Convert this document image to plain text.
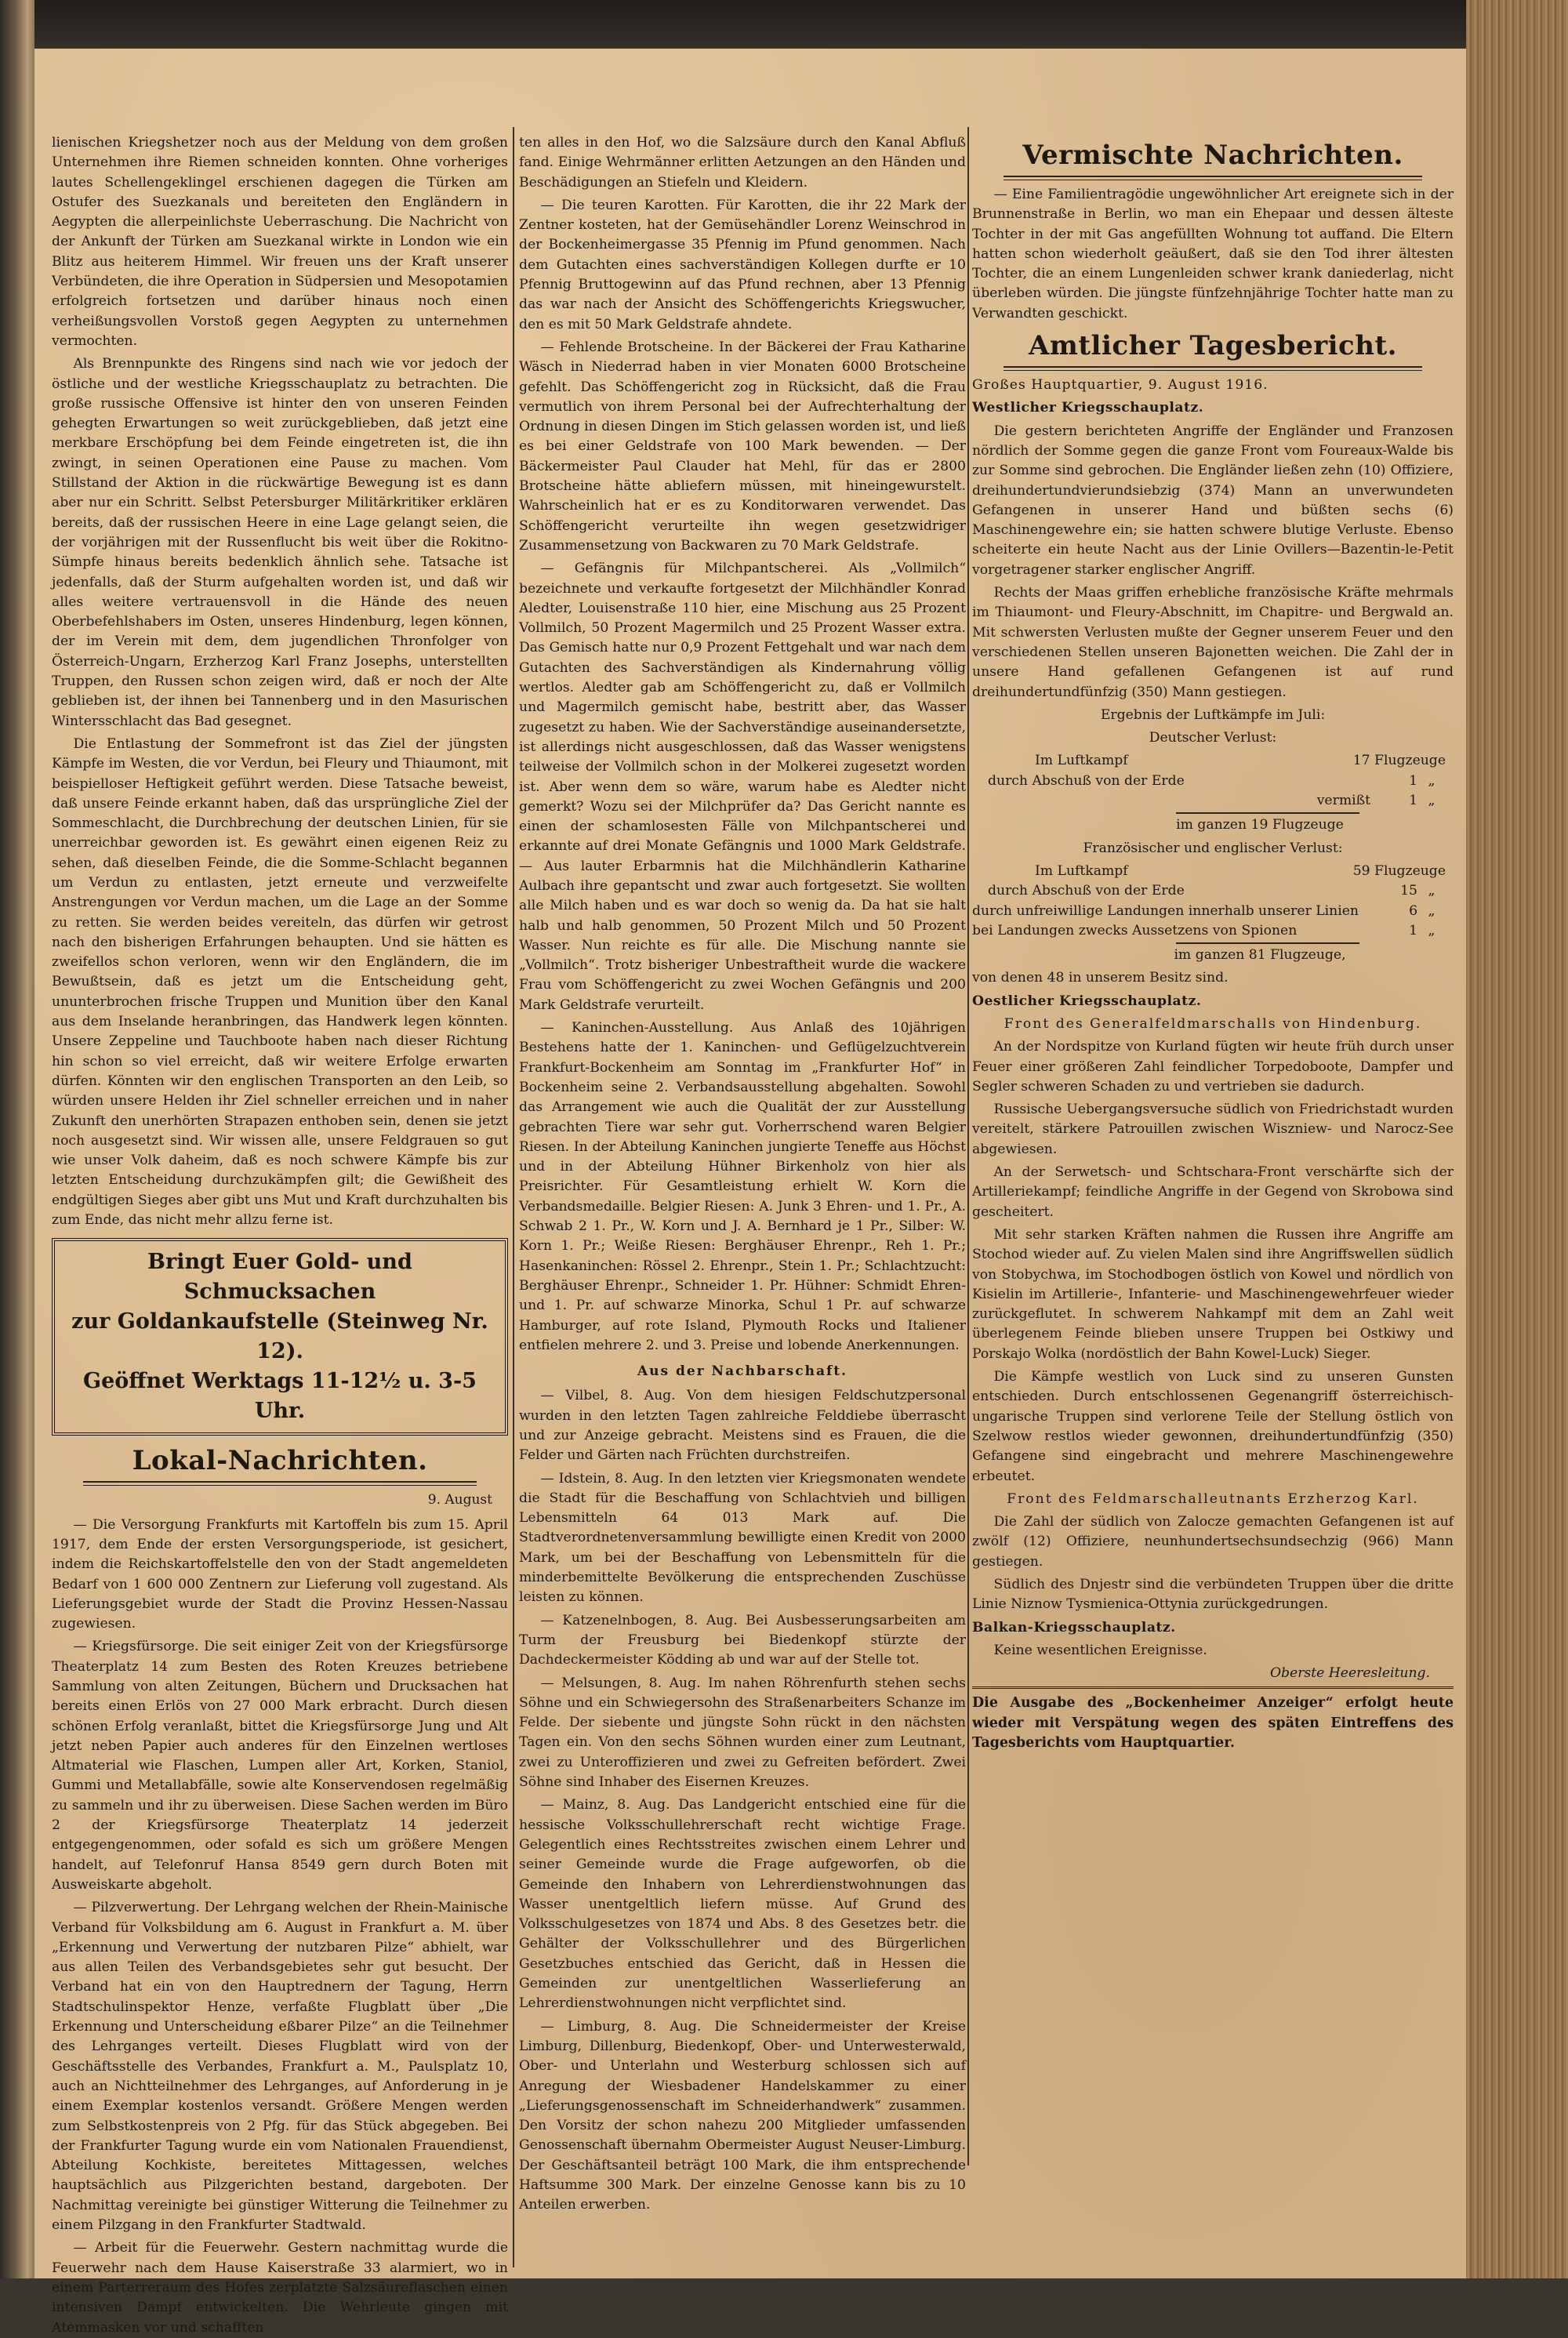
lienischen Kriegshetzer noch aus der Meldung von dem großen Unternehmen ihre Riemen schneiden konnten. Ohne vorheriges lautes Schellengeklingel erschienen dagegen die Türken am Ostufer des Suezkanals und bereiteten den Engländern in Aegypten die allerpeinlichste Ueberraschung. Die Nachricht von der Ankunft der Türken am Suezkanal wirkte in London wie ein Blitz aus heiterem Himmel. Wir freuen uns der Kraft unserer Verbündeten, die ihre Operation in Südpersien und Mesopotamien erfolgreich fortsetzen und darüber hinaus noch einen verheißungsvollen Vorstoß gegen Aegypten zu unternehmen vermochten.

Als Brennpunkte des Ringens sind nach wie vor jedoch der östliche und der westliche Kriegsschauplatz zu betrachten. Die große russische Offensive ist hinter den von unseren Feinden gehegten Erwartungen so weit zurückgeblieben, daß jetzt eine merkbare Erschöpfung bei dem Feinde eingetreten ist, die ihn zwingt, in seinen Operationen eine Pause zu machen. Vom Stillstand der Aktion in die rückwärtige Bewegung ist es dann aber nur ein Schritt. Selbst Petersburger Militärkritiker erklären bereits, daß der russischen Heere in eine Lage gelangt seien, die der vorjährigen mit der Russenflucht bis weit über die Rokitno-Sümpfe hinaus bereits bedenklich ähnlich sehe. Tatsache ist jedenfalls, daß der Sturm aufgehalten worden ist, und daß wir alles weitere vertrauensvoll in die Hände des neuen Oberbefehlshabers im Osten, unseres Hindenburg, legen können, der im Verein mit dem, dem jugendlichen Thronfolger von Österreich-Ungarn, Erzherzog Karl Franz Josephs, unterstellten Truppen, den Russen schon zeigen wird, daß er noch der Alte geblieben ist, der ihnen bei Tannenberg und in den Masurischen Wintersschlacht das Bad gesegnet.

Die Entlastung der Sommefront ist das Ziel der jüngsten Kämpfe im Westen, die vor Verdun, bei Fleury und Thiaumont, mit beispielloser Heftigkeit geführt werden. Diese Tatsache beweist, daß unsere Feinde erkannt haben, daß das ursprüngliche Ziel der Sommeschlacht, die Durchbrechung der deutschen Linien, für sie unerreichbar geworden ist. Es gewährt einen eigenen Reiz zu sehen, daß dieselben Feinde, die die Somme-Schlacht begannen um Verdun zu entlasten, jetzt erneute und verzweifelte Anstrengungen vor Verdun machen, um die Lage an der Somme zu retten. Sie werden beides vereiteln, das dürfen wir getrost nach den bisherigen Erfahrungen behaupten. Und sie hätten es zweifellos schon verloren, wenn wir den Engländern, die im Bewußtsein, daß es jetzt um die Entscheidung geht, ununterbrochen frische Truppen und Munition über den Kanal aus dem Inselande heranbringen, das Handwerk legen könnten. Unsere Zeppeline und Tauchboote haben nach dieser Richtung hin schon so viel erreicht, daß wir weitere Erfolge erwarten dürfen. Könnten wir den englischen Transporten an den Leib, so würden unsere Helden ihr Ziel schneller erreichen und in naher Zukunft den unerhörten Strapazen enthoben sein, denen sie jetzt noch ausgesetzt sind. Wir wissen alle, unsere Feldgrauen so gut wie unser Volk daheim, daß es noch schwere Kämpfe bis zur letzten Entscheidung durchzukämpfen gilt; die Gewißheit des endgültigen Sieges aber gibt uns Mut und Kraft durchzuhalten bis zum Ende, das nicht mehr allzu ferne ist.

Bringt Euer Gold- und Schmucksachen
zur Goldankaufstelle (Steinweg Nr. 12).
Geöffnet Werktags 11-12½ u. 3-5 Uhr.
Lokal-Nachrichten.
9. August

— Die Versorgung Frankfurts mit Kartoffeln bis zum 15. April 1917, dem Ende der ersten Versorgungsperiode, ist gesichert, indem die Reichskartoffelstelle den von der Stadt angemeldeten Bedarf von 1 600 000 Zentnern zur Lieferung voll zugestand. Als Lieferungsgebiet wurde der Stadt die Provinz Hessen-Nassau zugewiesen.

— Kriegsfürsorge. Die seit einiger Zeit von der Kriegsfürsorge Theaterplatz 14 zum Besten des Roten Kreuzes betriebene Sammlung von alten Zeitungen, Büchern und Drucksachen hat bereits einen Erlös von 27 000 Mark erbracht. Durch diesen schönen Erfolg veranlaßt, bittet die Kriegsfürsorge Jung und Alt jetzt neben Papier auch anderes für den Einzelnen wertloses Altmaterial wie Flaschen, Lumpen aller Art, Korken, Staniol, Gummi und Metallabfälle, sowie alte Konservendosen regelmäßig zu sammeln und ihr zu überweisen. Diese Sachen werden im Büro 2 der Kriegsfürsorge Theaterplatz 14 jederzeit entgegengenommen, oder sofald es sich um größere Mengen handelt, auf Telefonruf Hansa 8549 gern durch Boten mit Ausweiskarte abgeholt.

— Pilzverwertung. Der Lehrgang welchen der Rhein-Mainische Verband für Volksbildung am 6. August in Frankfurt a. M. über „Erkennung und Verwertung der nutzbaren Pilze“ abhielt, war aus allen Teilen des Verbandsgebietes sehr gut besucht. Der Verband hat ein von den Hauptrednern der Tagung, Herrn Stadtschulinspektor Henze, verfaßte Flugblatt über „Die Erkennung und Unterscheidung eßbarer Pilze“ an die Teilnehmer des Lehrganges verteilt. Dieses Flugblatt wird von der Geschäftsstelle des Verbandes, Frankfurt a. M., Paulsplatz 10, auch an Nichtteilnehmer des Lehrganges, auf Anforderung in je einem Exemplar kostenlos versandt. Größere Mengen werden zum Selbstkostenpreis von 2 Pfg. für das Stück abgegeben. Bei der Frankfurter Tagung wurde ein vom Nationalen Frauendienst, Abteilung Kochkiste, bereitetes Mittagessen, welches hauptsächlich aus Pilzgerichten bestand, dargeboten. Der Nachmittag vereinigte bei günstiger Witterung die Teilnehmer zu einem Pilzgang in den Frankfurter Stadtwald.

— Arbeit für die Feuerwehr. Gestern nachmittag wurde die Feuerwehr nach dem Hause Kaiserstraße 33 alarmiert, wo in einem Parterreraum des Hofes zerplatzte Salzsäureflaschen einen intensiven Dampf entwickelten. Die Wehrleute gingen mit Atemmasken vor und schafften

ten alles in den Hof, wo die Salzsäure durch den Kanal Abfluß fand. Einige Wehrmänner erlitten Aetzungen an den Händen und Beschädigungen an Stiefeln und Kleidern.

— Die teuren Karotten. Für Karotten, die ihr 22 Mark der Zentner kosteten, hat der Gemüsehändler Lorenz Weinschrod in der Bockenheimergasse 35 Pfennig im Pfund genommen. Nach dem Gutachten eines sachverständigen Kollegen durfte er 10 Pfennig Bruttogewinn auf das Pfund rechnen, aber 13 Pfennig das war nach der Ansicht des Schöffengerichts Kriegswucher, den es mit 50 Mark Geldstrafe ahndete.

— Fehlende Brotscheine. In der Bäckerei der Frau Katharine Wäsch in Niederrad haben in vier Monaten 6000 Brotscheine gefehlt. Das Schöffengericht zog in Rücksicht, daß die Frau vermutlich von ihrem Personal bei der Aufrechterhaltung der Ordnung in diesen Dingen im Stich gelassen worden ist, und ließ es bei einer Geldstrafe von 100 Mark bewenden. — Der Bäckermeister Paul Clauder hat Mehl, für das er 2800 Brotscheine hätte abliefern müssen, mit hineingewurstelt. Wahrscheinlich hat er es zu Konditorwaren verwendet. Das Schöffengericht verurteilte ihn wegen gesetzwidriger Zusammensetzung von Backwaren zu 70 Mark Geldstrafe.

— Gefängnis für Milchpantscherei. Als „Vollmilch“ bezeichnete und verkaufte fortgesetzt der Milchhändler Konrad Aledter, Louisenstraße 110 hier, eine Mischung aus 25 Prozent Vollmilch, 50 Prozent Magermilch und 25 Prozent Wasser extra. Das Gemisch hatte nur 0,9 Prozent Fettgehalt und war nach dem Gutachten des Sachverständigen als Kindernahrung völlig wertlos. Aledter gab am Schöffengericht zu, daß er Vollmilch und Magermilch gemischt habe, bestritt aber, das Wasser zugesetzt zu haben. Wie der Sachverständige auseinandersetzte, ist allerdings nicht ausgeschlossen, daß das Wasser wenigstens teilweise der Vollmilch schon in der Molkerei zugesetzt worden ist. Aber wenn dem so wäre, warum habe es Aledter nicht gemerkt? Wozu sei der Milchprüfer da? Das Gericht nannte es einen der schamlosesten Fälle von Milchpantscherei und erkannte auf drei Monate Gefängnis und 1000 Mark Geldstrafe. — Aus lauter Erbarmnis hat die Milchhändlerin Katharine Aulbach ihre gepantscht und zwar auch fortgesetzt. Sie wollten alle Milch haben und es war doch so wenig da. Da hat sie halt halb und halb genommen, 50 Prozent Milch und 50 Prozent Wasser. Nun reichte es für alle. Die Mischung nannte sie „Vollmilch“. Trotz bisheriger Unbestraftheit wurde die wackere Frau vom Schöffengericht zu zwei Wochen Gefängnis und 200 Mark Geldstrafe verurteilt.

— Kaninchen-Ausstellung. Aus Anlaß des 10jährigen Bestehens hatte der 1. Kaninchen- und Geflügelzuchtverein Frankfurt-Bockenheim am Sonntag im „Frankfurter Hof“ in Bockenheim seine 2. Verbandsausstellung abgehalten. Sowohl das Arrangement wie auch die Qualität der zur Ausstellung gebrachten Tiere war sehr gut. Vorherrschend waren Belgier Riesen. In der Abteilung Kaninchen jungierte Teneffe aus Höchst und in der Abteilung Hühner Birkenholz von hier als Preisrichter. Für Gesamtleistung erhielt W. Korn die Verbandsmedaille. Belgier Riesen: A. Junk 3 Ehren- und 1. Pr., A. Schwab 2 1. Pr., W. Korn und J. A. Bernhard je 1 Pr., Silber: W. Korn 1. Pr.; Weiße Riesen: Berghäuser Ehrenpr., Reh 1. Pr.; Hasenkaninchen: Rössel 2. Ehrenpr., Stein 1. Pr.; Schlachtzucht: Berghäuser Ehrenpr., Schneider 1. Pr. Hühner: Schmidt Ehren- und 1. Pr. auf schwarze Minorka, Schul 1 Pr. auf schwarze Hamburger, auf rote Island, Plymouth Rocks und Italiener entfielen mehrere 2. und 3. Preise und lobende Anerkennungen.

Aus der Nachbarschaft.

— Vilbel, 8. Aug. Von dem hiesigen Feldschutzpersonal wurden in den letzten Tagen zahlreiche Felddiebe überrascht und zur Anzeige gebracht. Meistens sind es Frauen, die die Felder und Gärten nach Früchten durchstreifen.

— Idstein, 8. Aug. In den letzten vier Kriegsmonaten wendete die Stadt für die Beschaffung von Schlachtvieh und billigen Lebensmitteln 64 013 Mark auf. Die Stadtverordnetenversammlung bewilligte einen Kredit von 2000 Mark, um bei der Beschaffung von Lebensmitteln für die minderbemittelte Bevölkerung die entsprechenden Zuschüsse leisten zu können.

— Katzenelnbogen, 8. Aug. Bei Ausbesserungsarbeiten am Turm der Freusburg bei Biedenkopf stürzte der Dachdeckermeister Ködding ab und war auf der Stelle tot.

— Melsungen, 8. Aug. Im nahen Röhrenfurth stehen sechs Söhne und ein Schwiegersohn des Straßenarbeiters Schanze im Felde. Der siebente und jüngste Sohn rückt in den nächsten Tagen ein. Von den sechs Söhnen wurden einer zum Leutnant, zwei zu Unteroffizieren und zwei zu Gefreiten befördert. Zwei Söhne sind Inhaber des Eisernen Kreuzes.

— Mainz, 8. Aug. Das Landgericht entschied eine für die hessische Volksschullehrerschaft recht wichtige Frage. Gelegentlich eines Rechtsstreites zwischen einem Lehrer und seiner Gemeinde wurde die Frage aufgeworfen, ob die Gemeinde den Inhabern von Lehrerdienstwohnungen das Wasser unentgeltlich liefern müsse. Auf Grund des Volksschulgesetzes von 1874 und Abs. 8 des Gesetzes betr. die Gehälter der Volksschullehrer und des Bürgerlichen Gesetzbuches entschied das Gericht, daß in Hessen die Gemeinden zur unentgeltlichen Wasserlieferung an Lehrerdienstwohnungen nicht verpflichtet sind.

— Limburg, 8. Aug. Die Schneidermeister der Kreise Limburg, Dillenburg, Biedenkopf, Ober- und Unterwesterwald, Ober- und Unterlahn und Westerburg schlossen sich auf Anregung der Wiesbadener Handelskammer zu einer „Lieferungsgenossenschaft im Schneiderhandwerk“ zusammen. Den Vorsitz der schon nahezu 200 Mitglieder umfassenden Genossenschaft übernahm Obermeister August Neuser-Limburg. Der Geschäftsanteil beträgt 100 Mark, die ihm entsprechende Haftsumme 300 Mark. Der einzelne Genosse kann bis zu 10 Anteilen erwerben.

Vermischte Nachrichten.

— Eine Familientragödie ungewöhnlicher Art ereignete sich in der Brunnenstraße in Berlin, wo man ein Ehepaar und dessen älteste Tochter in der mit Gas angefüllten Wohnung tot auffand. Die Eltern hatten schon wiederholt geäußert, daß sie den Tod ihrer ältesten Tochter, die an einem Lungenleiden schwer krank daniederlag, nicht überleben würden. Die jüngste fünfzehnjährige Tochter hatte man zu Verwandten geschickt.

Amtlicher Tagesbericht.

Großes Hauptquartier, 9. August 1916.

Westlicher Kriegsschauplatz.

Die gestern berichteten Angriffe der Engländer und Franzosen nördlich der Somme gegen die ganze Front vom Foureaux-Walde bis zur Somme sind gebrochen. Die Engländer ließen zehn (10) Offiziere, dreihundertundvierundsiebzig (374) Mann an unverwundeten Gefangenen in unserer Hand und büßten sechs (6) Maschinengewehre ein; sie hatten schwere blutige Verluste. Ebenso scheiterte ein heute Nacht aus der Linie Ovillers—Bazentin-le-Petit vorgetragener starker englischer Angriff.

Rechts der Maas griffen erhebliche französische Kräfte mehrmals im Thiaumont- und Fleury-Abschnitt, im Chapitre- und Bergwald an. Mit schwersten Verlusten mußte der Gegner unserem Feuer und den verschiedenen Stellen unseren Bajonetten weichen. Die Zahl der in unsere Hand gefallenen Gefangenen ist auf rund dreihundertundfünfzig (350) Mann gestiegen.

Ergebnis der Luftkämpfe im Juli:

Deutscher Verlust:

Im Luftkampf	17 Flugzeuge
durch Abschuß von der Erde	1 „
vermißt	1 „

im ganzen 19 Flugzeuge

Französischer und englischer Verlust:

Im Luftkampf	59 Flugzeuge
durch Abschuß von der Erde	15 „
durch unfreiwillige Landungen innerhalb unserer Linien	6 „
bei Landungen zwecks Aussetzens von Spionen	1 „

im ganzen 81 Flugzeuge,

von denen 48 in unserem Besitz sind.

Oestlicher Kriegsschauplatz.

Front des Generalfeldmarschalls von Hindenburg.

An der Nordspitze von Kurland fügten wir heute früh durch unser Feuer einer größeren Zahl feindlicher Torpedoboote, Dampfer und Segler schweren Schaden zu und vertrieben sie dadurch.

Russische Uebergangsversuche südlich von Friedrichstadt wurden vereitelt, stärkere Patrouillen zwischen Wiszniew- und Narocz-See abgewiesen.

An der Serwetsch- und Schtschara-Front verschärfte sich der Artilleriekampf; feindliche Angriffe in der Gegend von Skrobowa sind gescheitert.

Mit sehr starken Kräften nahmen die Russen ihre Angriffe am Stochod wieder auf. Zu vielen Malen sind ihre Angriffswellen südlich von Stobychwa, im Stochodbogen östlich von Kowel und nördlich von Kisielin im Artillerie-, Infanterie- und Maschinengewehrfeuer wieder zurückgeflutet. In schwerem Nahkampf mit dem an Zahl weit überlegenem Feinde blieben unsere Truppen bei Ostkiwy und Porskajo Wolka (nordöstlich der Bahn Kowel-Luck) Sieger.

Die Kämpfe westlich von Luck sind zu unseren Gunsten entschieden. Durch entschlossenen Gegenangriff österreichisch-ungarische Truppen sind verlorene Teile der Stellung östlich von Szelwow restlos wieder gewonnen, dreihundertundfünfzig (350) Gefangene sind eingebracht und mehrere Maschinengewehre erbeutet.

Front des Feldmarschalleutnants Erzherzog Karl.

Die Zahl der südlich von Zalocze gemachten Gefangenen ist auf zwölf (12) Offiziere, neunhundertsechsundsechzig (966) Mann gestiegen.

Südlich des Dnjestr sind die verbündeten Truppen über die dritte Linie Niznow Tysmienica-Ottynia zurückgedrungen.

Balkan-Kriegsschauplatz.

Keine wesentlichen Ereignisse.

Oberste Heeresleitung.

Die Ausgabe des „Bockenheimer Anzeiger“ erfolgt heute wieder mit Verspätung wegen des späten Eintreffens des Tagesberichts vom Hauptquartier.
